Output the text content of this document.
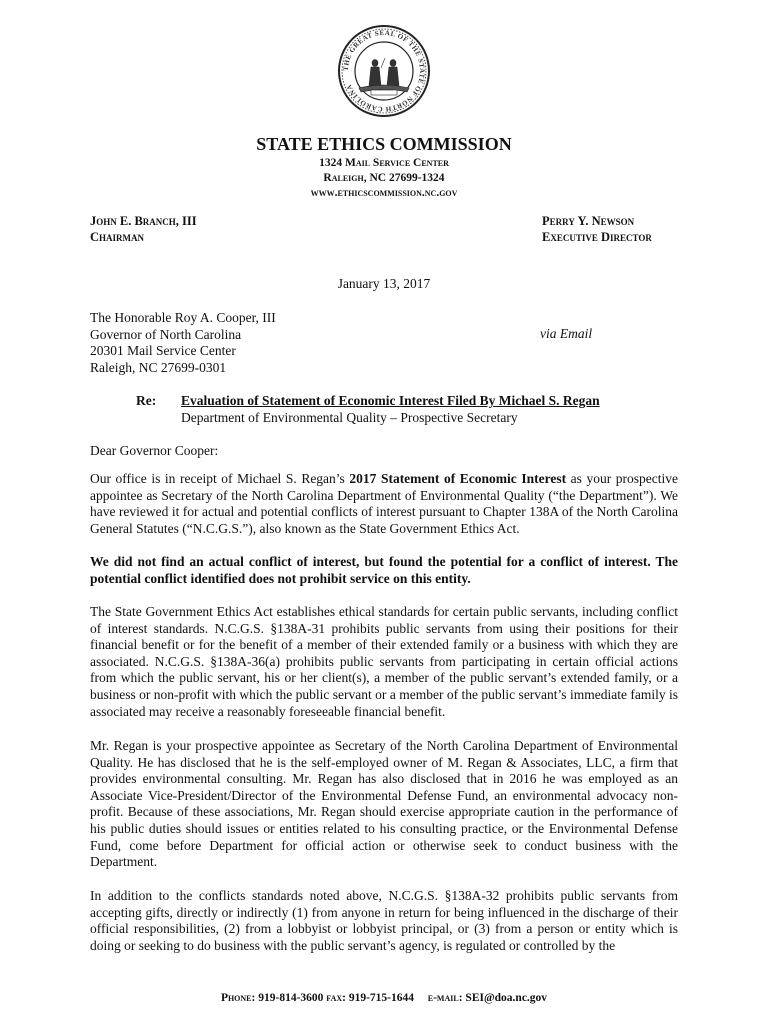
THE GREAT SEAL OF THE STATE OF NORTH CAROLINA
STATE ETHICS COMMISSION
1324 Mail Service Center
Raleigh, NC 27699-1324
www.ethicscommission.nc.gov
John E. Branch, III
Chairman
Perry Y. Newson
Executive Director
January 13, 2017
The Honorable Roy A. Cooper, III
Governor of North Carolina
20301 Mail Service Center
Raleigh, NC 27699-0301
via Email
Re: Evaluation of Statement of Economic Interest Filed By Michael S. Regan
Department of Environmental Quality – Prospective Secretary
Dear Governor Cooper:

Our office is in receipt of Michael S. Regan’s 2017 Statement of Economic Interest as your prospective appointee as Secretary of the North Carolina Department of Environmental Quality (“the Department”). We have reviewed it for actual and potential conflicts of interest pursuant to Chapter 138A of the North Carolina General Statutes (“N.C.G.S.”), also known as the State Government Ethics Act.

We did not find an actual conflict of interest, but found the potential for a conflict of interest. The potential conflict identified does not prohibit service on this entity.

The State Government Ethics Act establishes ethical standards for certain public servants, including conflict of interest standards. N.C.G.S. §138A-31 prohibits public servants from using their positions for their financial benefit or for the benefit of a member of their extended family or a business with which they are associated. N.C.G.S. §138A-36(a) prohibits public servants from participating in certain official actions from which the public servant, his or her client(s), a member of the public servant’s extended family, or a business or non-profit with which the public servant or a member of the public servant’s immediate family is associated may receive a reasonably foreseeable financial benefit.

Mr. Regan is your prospective appointee as Secretary of the North Carolina Department of Environmental Quality. He has disclosed that he is the self-employed owner of M. Regan & Associates, LLC, a firm that provides environmental consulting. Mr. Regan has also disclosed that in 2016 he was employed as an Associate Vice-President/Director of the Environmental Defense Fund, an environmental advocacy non-profit. Because of these associations, Mr. Regan should exercise appropriate caution in the performance of his public duties should issues or entities related to his consulting practice, or the Environmental Defense Fund, come before Department for official action or otherwise seek to conduct business with the Department.

In addition to the conflicts standards noted above, N.C.G.S. §138A-32 prohibits public servants from accepting gifts, directly or indirectly (1) from anyone in return for being influenced in the discharge of their official responsibilities, (2) from a lobbyist or lobbyist principal, or (3) from a person or entity which is doing or seeking to do business with the public servant’s agency, is regulated or controlled by the

Phone: 919-814-3600 fax: 919-715-1644 e-mail: SEI@doa.nc.gov
